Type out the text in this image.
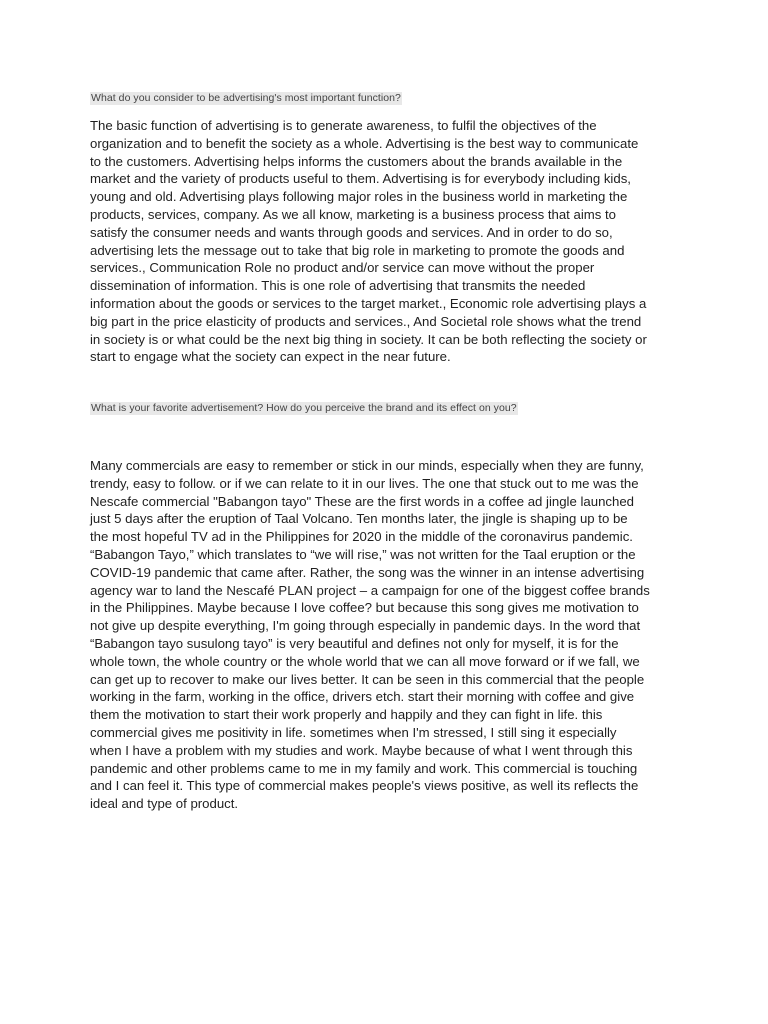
What do you consider to be advertising's most important function?

The basic function of advertising is to generate awareness, to fulfil the objectives of the
organization and to benefit the society as a whole. Advertising is the best way to communicate
to the customers. Advertising helps informs the customers about the brands available in the
market and the variety of products useful to them. Advertising is for everybody including kids,
young and old. Advertising plays following major roles in the business world in marketing the
products, services, company. As we all know, marketing is a business process that aims to
satisfy the consumer needs and wants through goods and services. And in order to do so,
advertising lets the message out to take that big role in marketing to promote the goods and
services., Communication Role no product and/or service can move without the proper
dissemination of information. This is one role of advertising that transmits the needed
information about the goods or services to the target market., Economic role advertising plays a
big part in the price elasticity of products and services., And Societal role shows what the trend
in society is or what could be the next big thing in society. It can be both reflecting the society or
start to engage what the society can expect in the near future.

What is your favorite advertisement? How do you perceive the brand and its effect on you?

Many commercials are easy to remember or stick in our minds, especially when they are funny,
trendy, easy to follow. or if we can relate to it in our lives. The one that stuck out to me was the
Nescafe commercial "Babangon tayo" These are the first words in a coffee ad jingle launched
just 5 days after the eruption of Taal Volcano. Ten months later, the jingle is shaping up to be
the most hopeful TV ad in the Philippines for 2020 in the middle of the coronavirus pandemic.
“Babangon Tayo,” which translates to “we will rise,” was not written for the Taal eruption or the
COVID-19 pandemic that came after. Rather, the song was the winner in an intense advertising
agency war to land the Nescafé PLAN project – a campaign for one of the biggest coffee brands
in the Philippines. Maybe because I love coffee? but because this song gives me motivation to
not give up despite everything, I'm going through especially in pandemic days. In the word that
“Babangon tayo susulong tayo” is very beautiful and defines not only for myself, it is for the
whole town, the whole country or the whole world that we can all move forward or if we fall, we
can get up to recover to make our lives better. It can be seen in this commercial that the people
working in the farm, working in the office, drivers etch. start their morning with coffee and give
them the motivation to start their work properly and happily and they can fight in life. this
commercial gives me positivity in life. sometimes when I'm stressed, I still sing it especially
when I have a problem with my studies and work. Maybe because of what I went through this
pandemic and other problems came to me in my family and work. This commercial is touching
and I can feel it. This type of commercial makes people's views positive, as well its reflects the
ideal and type of product.
